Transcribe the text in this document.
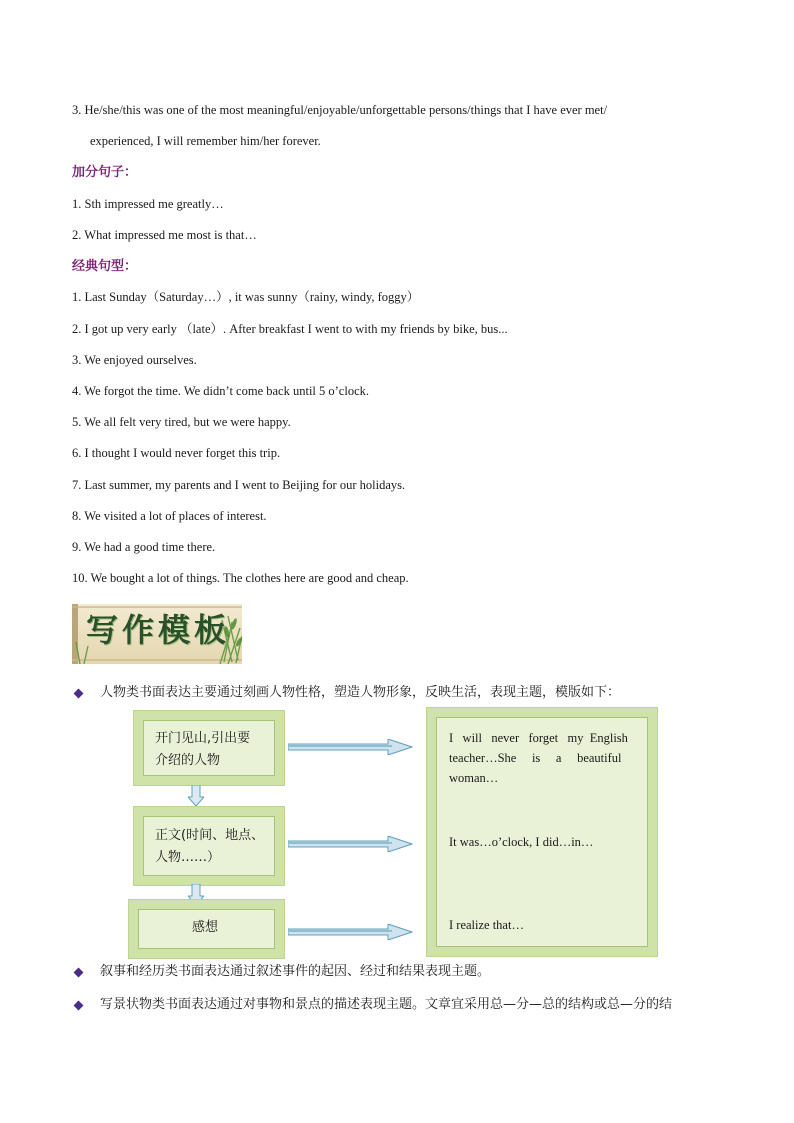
3. He/she/this was one of the most meaningful/enjoyable/unforgettable persons/things that I have ever met/
experienced, I will remember him/her forever.
加分句子：
1. Sth impressed me greatly…
2. What impressed me most is that…
经典句型：
1. Last Sunday（Saturday…）, it was sunny（rainy, windy, foggy）
2. I got up very early （late）. After breakfast I went to with my friends by bike, bus...
3. We enjoyed ourselves.
4. We forgot the time. We didn’t come back until 5 o’clock.
5. We all felt very tired, but we were happy.
6. I thought I would never forget this trip.
7. Last summer, my parents and I went to Beijing for our holidays.
8. We visited a lot of places of interest.
9. We had a good time there.
10. We bought a lot of things. The clothes here are good and cheap.
写作模板
人物类书面表达主要通过刻画人物性格，塑造人物形象，反映生活，表现主题，模版如下：
开门见山,引出要
介绍的人物
正文(时间、地点、
人物……）
感想
I   will   never   forget   my  English
teacher…She     is     a     beautiful
woman…
It was…o’clock, I did…in…
I realize that…
叙事和经历类书面表达通过叙述事件的起因、经过和结果表现主题。
写景状物类书面表达通过对事物和景点的描述表现主题。文章宜采用总—分—总的结构或总—分的结
